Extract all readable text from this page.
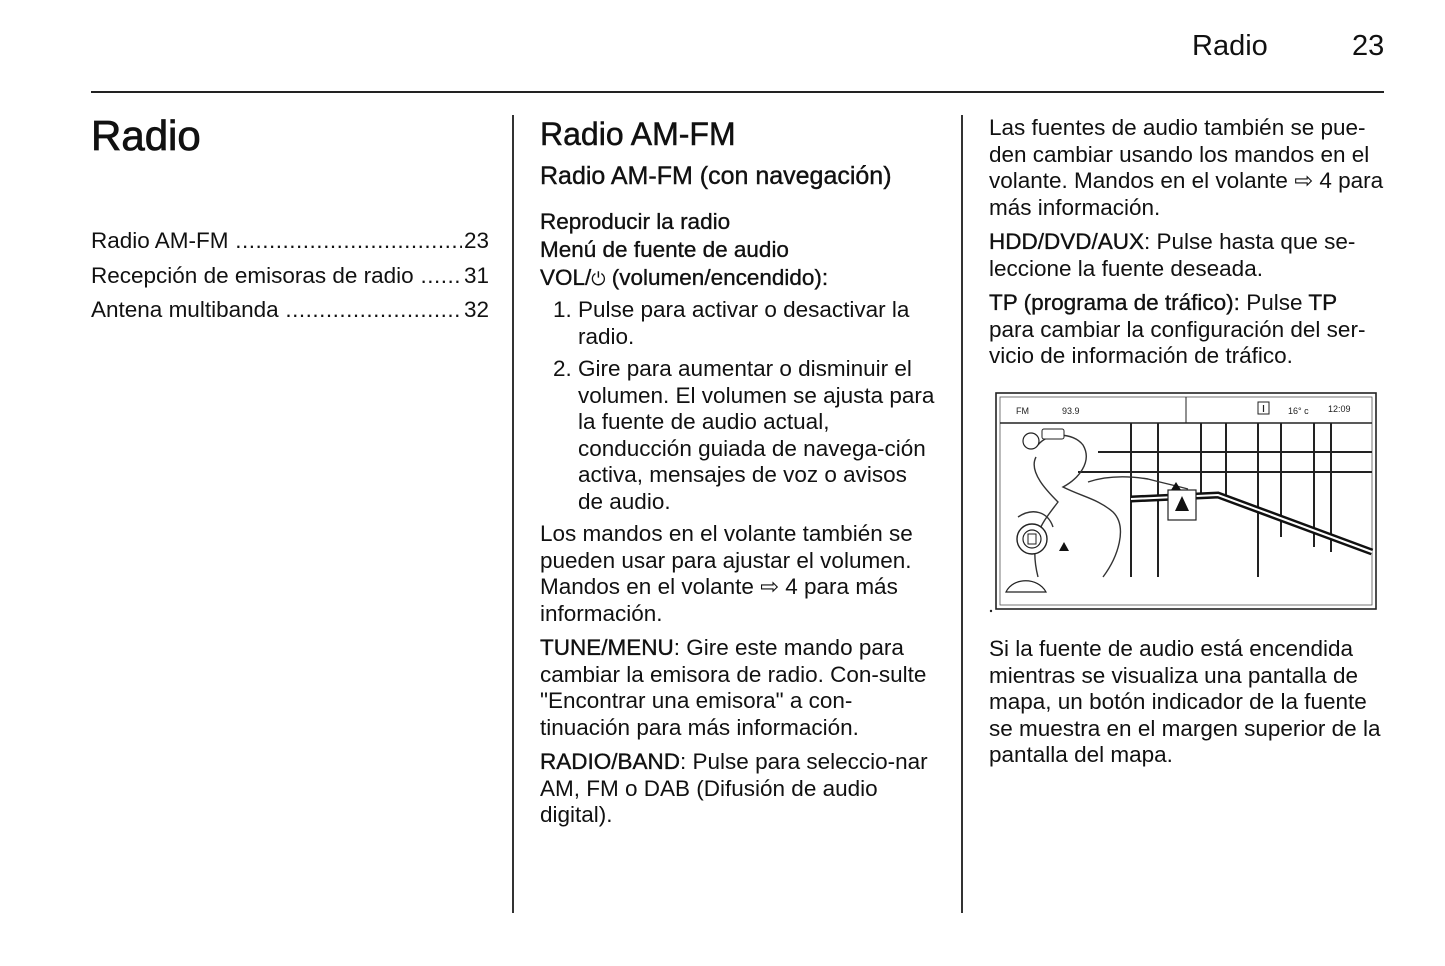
Radio	23
Radio
Radio AM-FM .....	23
Recepción de emisoras de radio ..... 31
Antena multibanda .....	32
Radio AM-FM
Radio AM-FM (con navegación)
Reproducir la radio
Menú de fuente de audio
VOL/⏻ (volumen/encendido):
1. Pulse para activar o desactivar la radio.
2. Gire para aumentar o disminuir el volumen. El volumen se ajusta para la fuente de audio actual, conducción guiada de navega-ción activa, mensajes de voz o avisos de audio.

Los mandos en el volante también se pueden usar para ajustar el volumen. Mandos en el volante ⇨ 4 para más información.

TUNE/MENU: Gire este mando para cambiar la emisora de radio. Con-sulte "Encontrar una emisora" a con-tinuación para más información.

RADIO/BAND: Pulse para seleccio-nar AM, FM o DAB (Difusión de audio digital).

Las fuentes de audio también se pue-den cambiar usando los mandos en el volante. Mandos en el volante ⇨ 4 para más información.

HDD/DVD/AUX: Pulse hasta que se-leccione la fuente deseada.

TP (programa de tráfico): Pulse TP para cambiar la configuración del ser-vicio de información de tráfico.

FM	93.9	16° c 12:09

Si la fuente de audio está encendida mientras se visualiza una pantalla de mapa, un botón indicador de la fuente se muestra en el margen superior de la pantalla del mapa.
